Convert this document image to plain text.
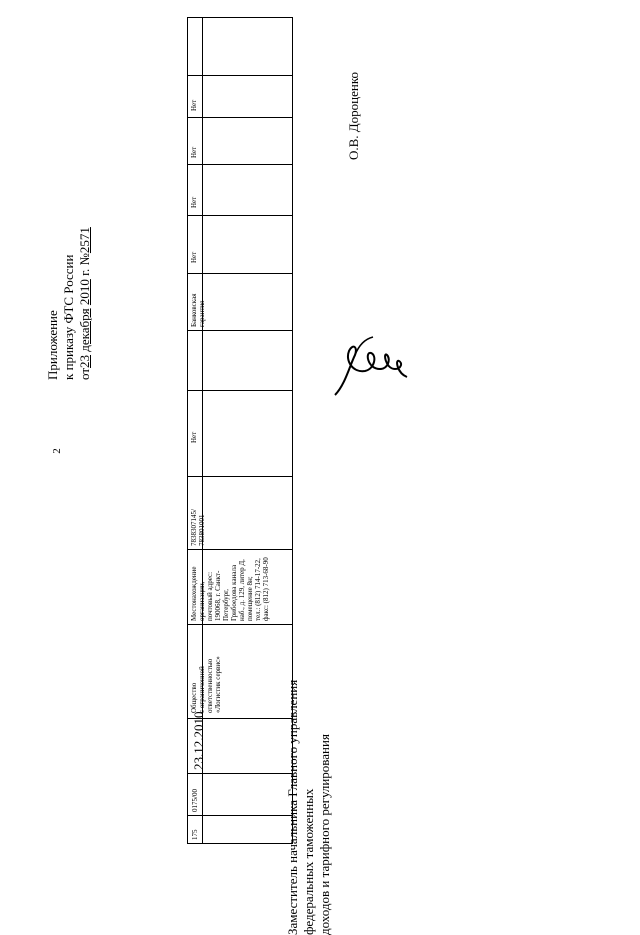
2
Приложение к приказу ФТС России от23 декабря 2010 г. №2571
О.В. Дороценко
175
0175/00
23.12.2010
Общество с ограниченной ответственностью «Логистик сервис»
Местонахождение организации, почтовый адрес: 190068, г. Санкт- Петербург, Грибоедова канала наб., д. 129, литер Д, помещение 8н; тел.: (812) 714-17-22, факс: (812) 713-68-90
7838307145/ 783801001
Нет
Банковская гарантия
Нет
Нет
Нет
Нет
Заместитель начальника Главного управления федеральных таможенных доходов и тарифного регулирования
